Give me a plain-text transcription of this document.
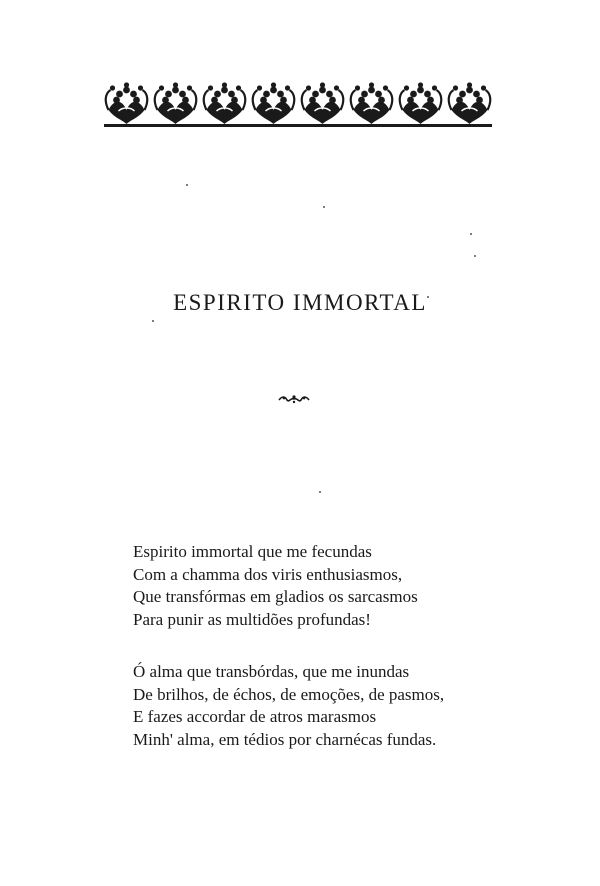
ESPIRITO IMMORTAL
Espirito immortal que me fecundas
Com a chamma dos viris enthusiasmos,
Que transfórmas em gladios os sarcasmos
Para punir as multidões profundas!
Ó alma que transbórdas, que me inundas
De brilhos, de échos, de emoções, de pasmos,
E fazes accordar de atros marasmos
Minh' alma, em tédios por charnécas fundas.
